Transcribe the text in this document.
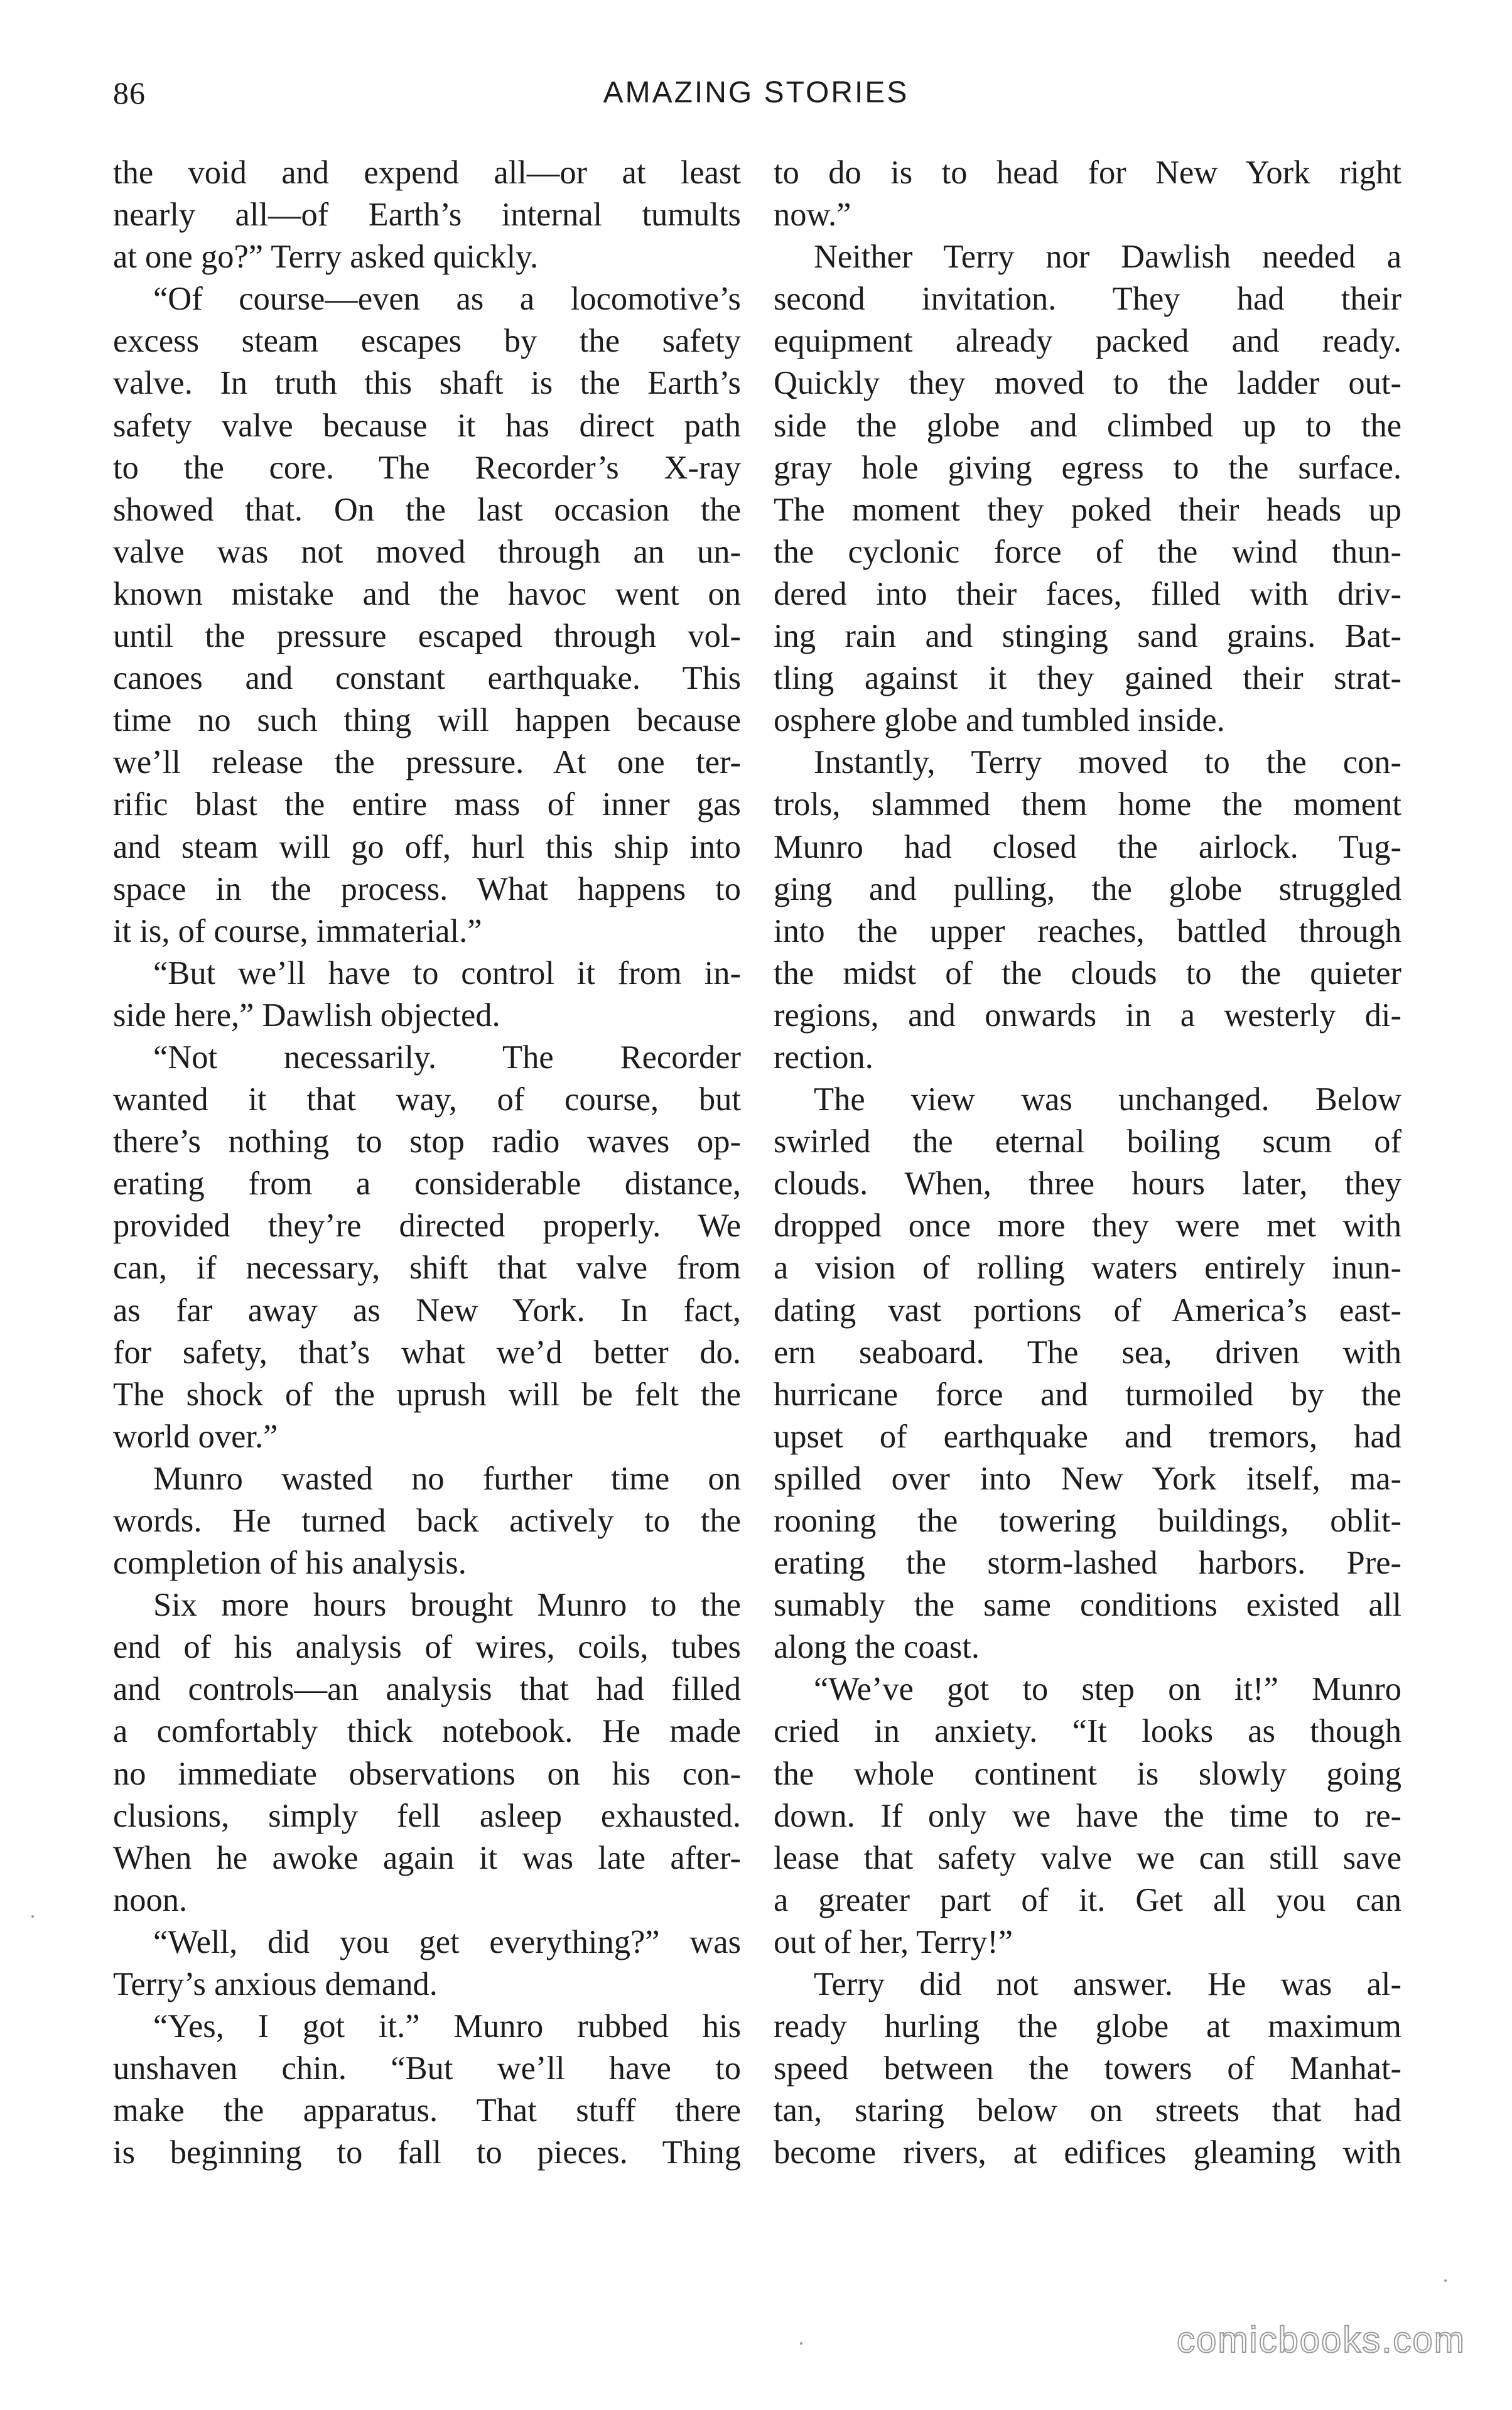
86	AMAZING STORIES
the void and expend all—or at least
nearly all—of Earth’s internal tumults
at one go?” Terry asked quickly.
“Of course—even as a locomotive’s
excess steam escapes by the safety
valve. In truth this shaft is the Earth’s
safety valve because it has direct path
to the core. The Recorder’s X-ray
showed that. On the last occasion the
valve was not moved through an un-
known mistake and the havoc went on
until the pressure escaped through vol-
canoes and constant earthquake. This
time no such thing will happen because
we’ll release the pressure. At one ter-
rific blast the entire mass of inner gas
and steam will go off, hurl this ship into
space in the process. What happens to
it is, of course, immaterial.”
“But we’ll have to control it from in-
side here,” Dawlish objected.
“Not necessarily. The Recorder
wanted it that way, of course, but
there’s nothing to stop radio waves op-
erating from a considerable distance,
provided they’re directed properly. We
can, if necessary, shift that valve from
as far away as New York. In fact,
for safety, that’s what we’d better do.
The shock of the uprush will be felt the
world over.”
Munro wasted no further time on
words. He turned back actively to the
completion of his analysis.
Six more hours brought Munro to the
end of his analysis of wires, coils, tubes
and controls—an analysis that had filled
a comfortably thick notebook. He made
no immediate observations on his con-
clusions, simply fell asleep exhausted.
When he awoke again it was late after-
noon.
“Well, did you get everything?” was
Terry’s anxious demand.
“Yes, I got it.” Munro rubbed his
unshaven chin. “But we’ll have to
make the apparatus. That stuff there
is beginning to fall to pieces. Thing
to do is to head for New York right
now.”
Neither Terry nor Dawlish needed a
second invitation. They had their
equipment already packed and ready.
Quickly they moved to the ladder out-
side the globe and climbed up to the
gray hole giving egress to the surface.
The moment they poked their heads up
the cyclonic force of the wind thun-
dered into their faces, filled with driv-
ing rain and stinging sand grains. Bat-
tling against it they gained their strat-
osphere globe and tumbled inside.
Instantly, Terry moved to the con-
trols, slammed them home the moment
Munro had closed the airlock. Tug-
ging and pulling, the globe struggled
into the upper reaches, battled through
the midst of the clouds to the quieter
regions, and onwards in a westerly di-
rection.
The view was unchanged. Below
swirled the eternal boiling scum of
clouds. When, three hours later, they
dropped once more they were met with
a vision of rolling waters entirely inun-
dating vast portions of America’s east-
ern seaboard. The sea, driven with
hurricane force and turmoiled by the
upset of earthquake and tremors, had
spilled over into New York itself, ma-
rooning the towering buildings, oblit-
erating the storm-lashed harbors. Pre-
sumably the same conditions existed all
along the coast.
“We’ve got to step on it!” Munro
cried in anxiety. “It looks as though
the whole continent is slowly going
down. If only we have the time to re-
lease that safety valve we can still save
a greater part of it. Get all you can
out of her, Terry!”
Terry did not answer. He was al-
ready hurling the globe at maximum
speed between the towers of Manhat-
tan, staring below on streets that had
become rivers, at edifices gleaming with
comicbooks.com
